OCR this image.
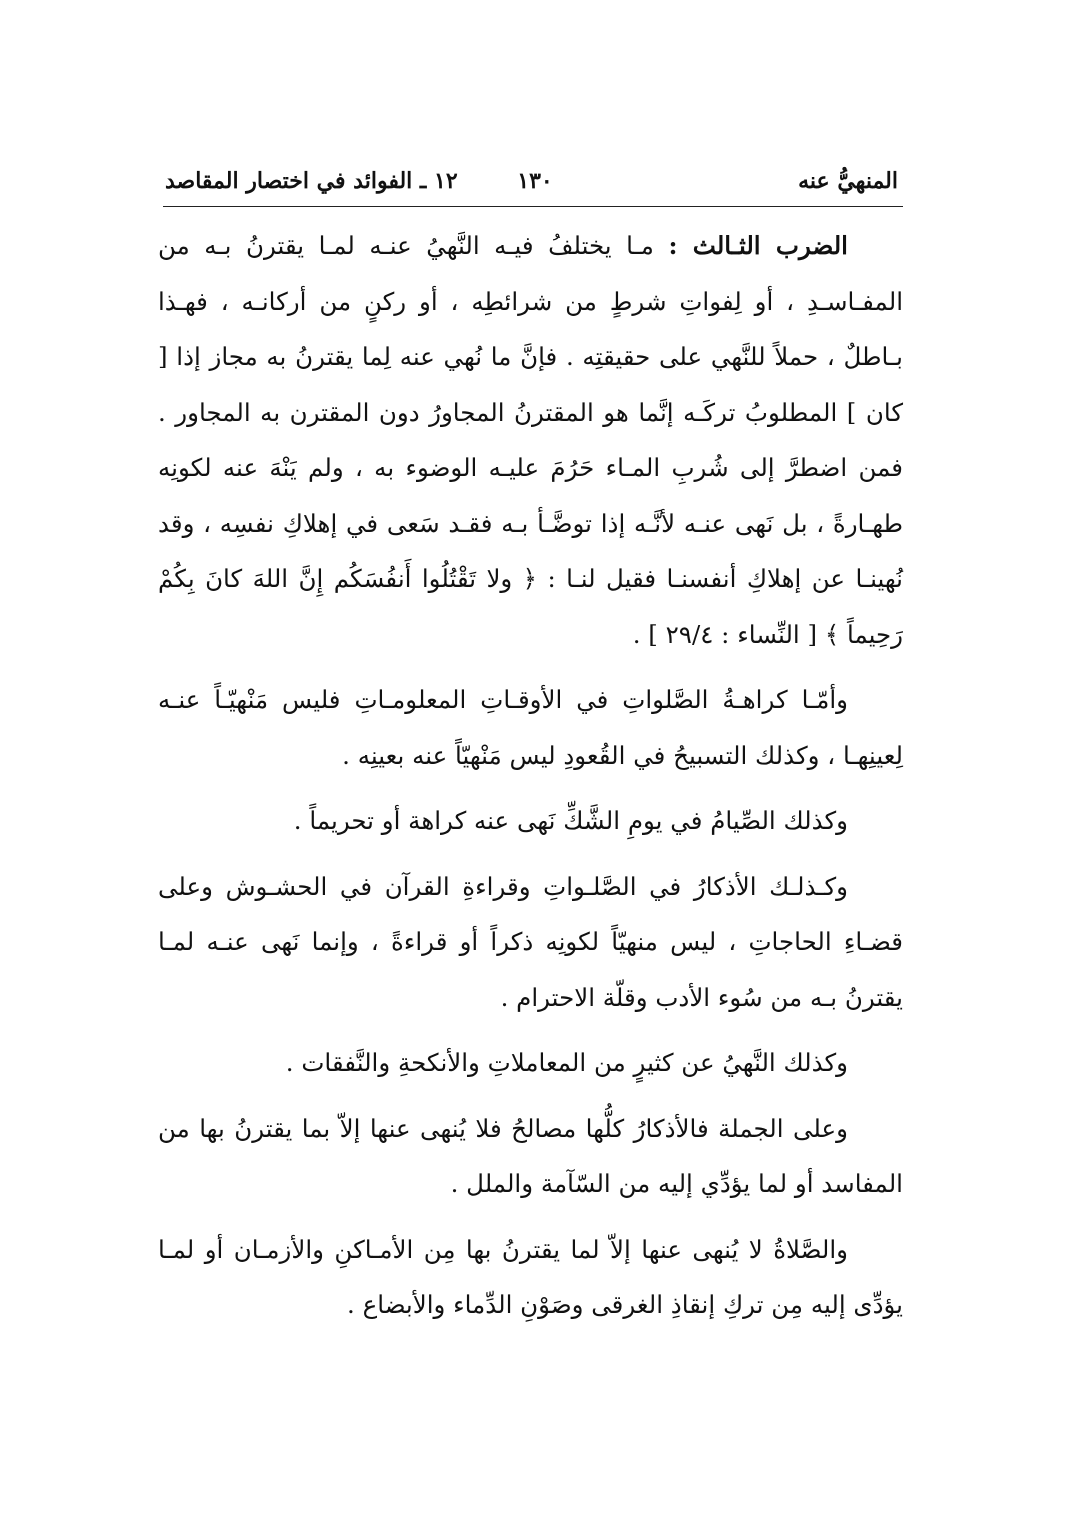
المنهيُّ عنه
١٣٠
١٢ ـ الفوائد في اختصار المقاصد

الضرب الثـالث : مـا يختلفُ فيـه النَّهيُ عنـه لمـا يقترنُ بـه من المفـاسـدِ ، أو لِفواتِ شرطٍ من شرائطِه ، أو ركنٍ من أركانـه ، فهـذا بـاطلٌ ، حملاً للنَّهي على حقيقتِه . فإنَّ ما نُهي عنه لِما يقترنُ به مجاز إذا [ كان ] المطلوبُ تركَـه إنَّما هو المقترنُ المجاورُ دون المقترن به المجاور . فمن اضطرَّ إلى شُربِ المـاء حَرُمَ عليـه الوضوء به ، ولم يَنْهَ عنه لكونِه طهـارةً ، بل نَهى عنـه لأنَّـه إذا توضَّـأ بـه فقـد سَعى في إهلاكِ نفسِه ، وقد نُهينـا عن إهلاكِ أنفسنـا فقيل لنـا : ﴿ ولا تَقْتُلُوا أَنفُسَكُم إِنَّ اللهَ كانَ بِكُمْ رَحِيماً ﴾ [ النِّساء : ٢٩/٤ ] .

وأمّـا كراهـةُ الصَّلواتِ في الأوقـاتِ المعلومـاتِ فليس مَنْهيّـاً عنـه لِعينِهـا ، وكذلك التسبيحُ في القُعودِ ليس مَنْهيّاً عنه بعينِه .

وكذلك الصِّيامُ في يومِ الشَّكِّ نَهى عنه كراهة أو تحريماً .

وكـذلـك الأذكارُ في الصَّلـواتِ وقراءةِ القرآن في الحشـوش وعلى قضـاءِ الحاجاتِ ، ليس منهيّاً لكونِه ذكراً أو قراءةً ، وإنما نَهى عنـه لمـا يقترنُ بـه من سُوء الأدب وقلّة الاحترام .

وكذلك النَّهيُ عن كثيرٍ من المعاملاتِ والأنكحةِ والنَّفقات .

وعلى الجملة فالأذكارُ كلُّها مصالحُ فلا يُنهى عنها إلاّ بما يقترنُ بها من المفاسد أو لما يؤدِّي إليه من السّآمة والملل .

والصَّلاةُ لا يُنهى عنها إلاّ لما يقترنُ بها مِن الأمـاكنِ والأزمـان أو لمـا يؤدِّى إليه مِن تركِ إنقاذِ الغرقى وصَوْنِ الدِّماء والأبضاع .
